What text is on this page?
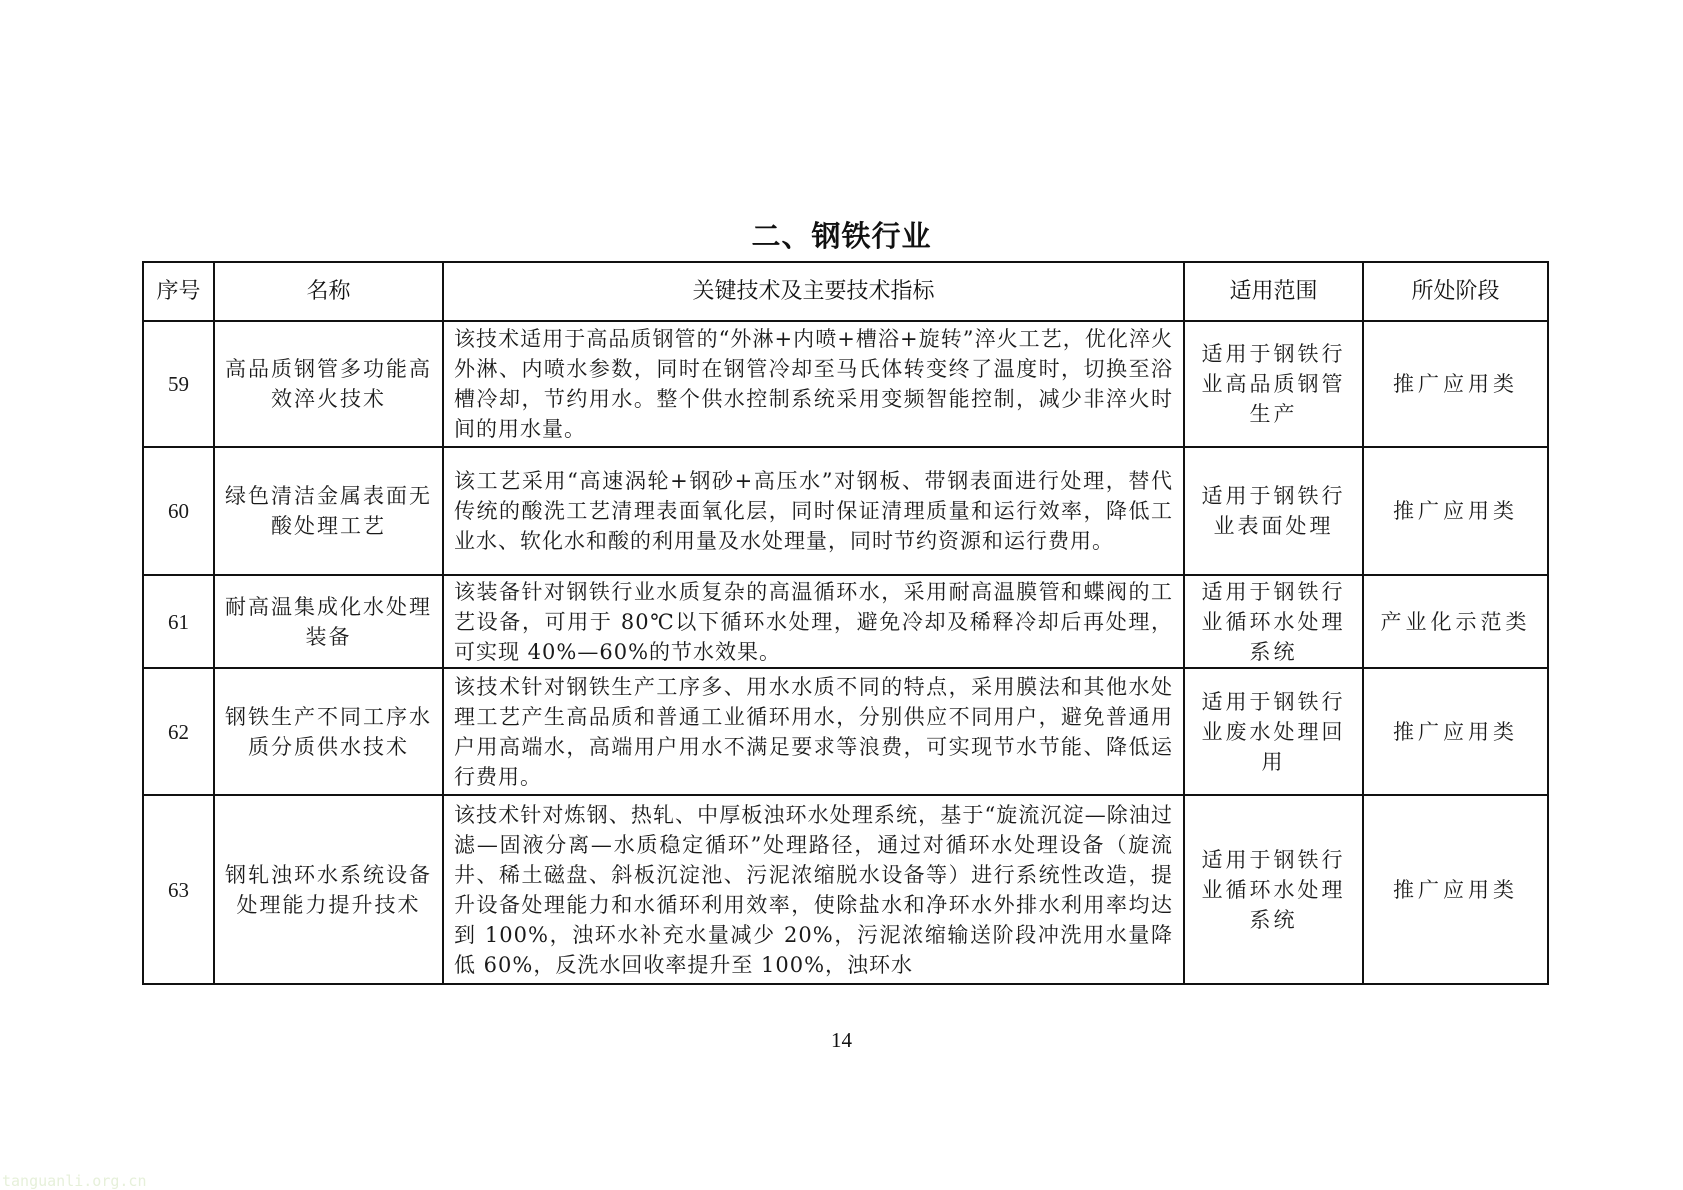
二、钢铁行业
序号	名称	关键技术及主要技术指标	适用范围	所处阶段
59	高品质钢管多功能高效淬火技术	该技术适用于高品质钢管的“外淋+内喷+槽浴+旋转”淬火工艺，优化淬火外淋、内喷水参数，同时在钢管冷却至马氏体转变终了温度时，切换至浴槽冷却，节约用水。整个供水控制系统采用变频智能控制，减少非淬火时间的用水量。	适用于钢铁行业高品质钢管生产	推广应用类
60	绿色清洁金属表面无酸处理工艺	该工艺采用“高速涡轮+钢砂+高压水”对钢板、带钢表面进行处理，替代传统的酸洗工艺清理表面氧化层，同时保证清理质量和运行效率，降低工业水、软化水和酸的利用量及水处理量，同时节约资源和运行费用。	适用于钢铁行业表面处理	推广应用类
61	耐高温集成化水处理装备	该装备针对钢铁行业水质复杂的高温循环水，采用耐高温膜管和蝶阀的工艺设备，可用于 80℃以下循环水处理，避免冷却及稀释冷却后再处理，可实现 40%—60%的节水效果。	适用于钢铁行业循环水处理系统	产业化示范类
62	钢铁生产不同工序水质分质供水技术	该技术针对钢铁生产工序多、用水水质不同的特点，采用膜法和其他水处理工艺产生高品质和普通工业循环用水，分别供应不同用户，避免普通用户用高端水，高端用户用水不满足要求等浪费，可实现节水节能、降低运行费用。	适用于钢铁行业废水处理回用	推广应用类
63	钢轧浊环水系统设备处理能力提升技术	该技术针对炼钢、热轧、中厚板浊环水处理系统，基于“旋流沉淀—除油过滤—固液分离—水质稳定循环”处理路径，通过对循环水处理设备（旋流井、稀土磁盘、斜板沉淀池、污泥浓缩脱水设备等）进行系统性改造，提升设备处理能力和水循环利用效率，使除盐水和净环水外排水利用率均达到 100%，浊环水补充水量减少 20%，污泥浓缩输送阶段冲洗用水量降低 60%，反洗水回收率提升至 100%，浊环水	适用于钢铁行业循环水处理系统	推广应用类
14
tanguanli.org.cn
